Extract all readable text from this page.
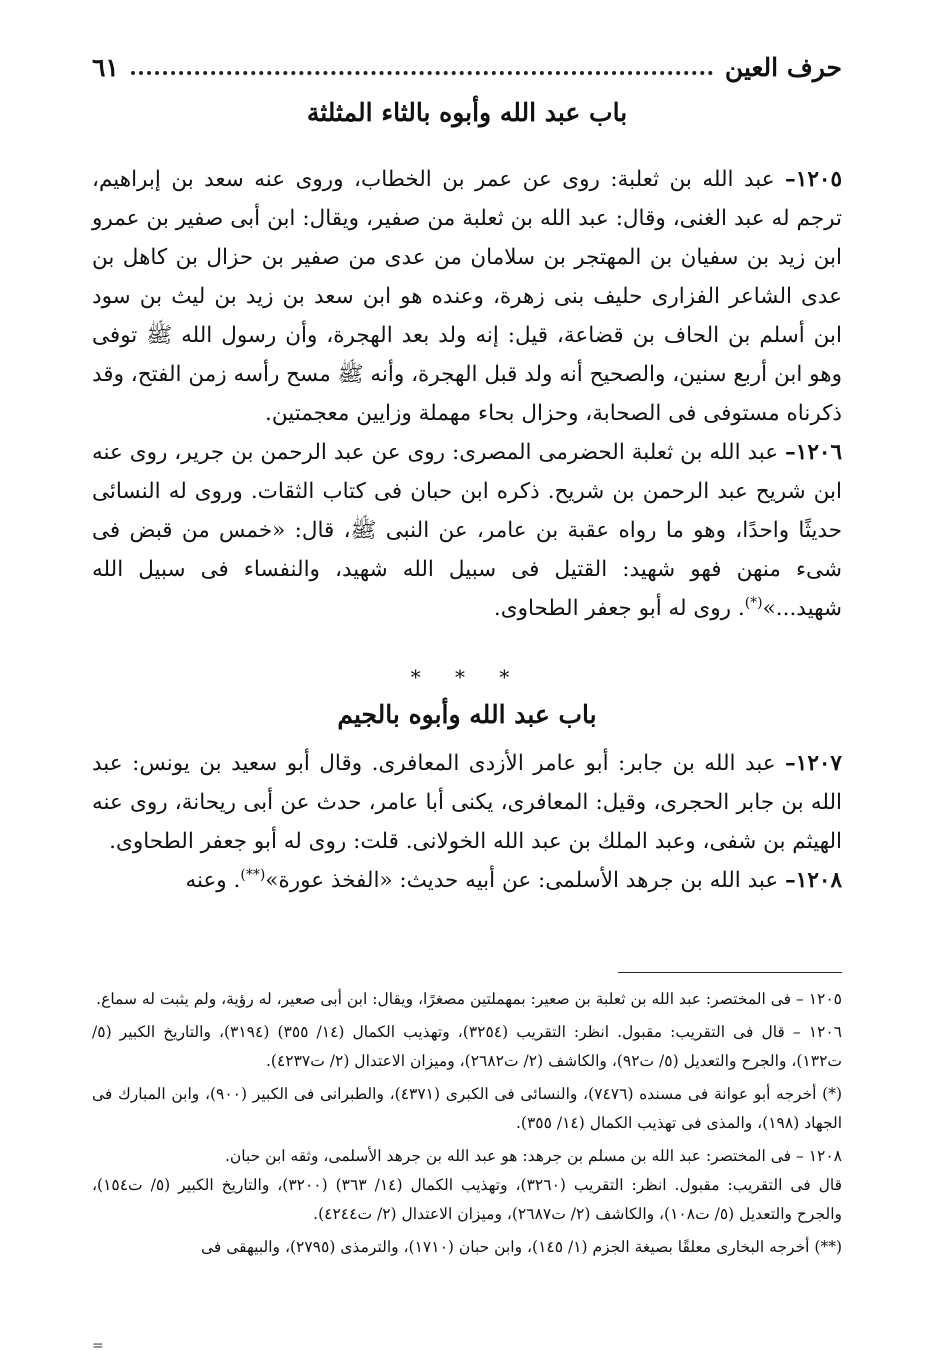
حرف العين
٦١
باب عبد الله وأبوه بالثاء المثلثة

١٢٠٥– عبد الله بن ثعلبة: روى عن عمر بن الخطاب، وروى عنه سعد بن إبراهيم، ترجم له عبد الغنى، وقال: عبد الله بن ثعلبة من صفير، ويقال: ابن أبى صفير بن عمرو ابن زيد بن سفيان بن المهتجر بن سلامان من عدى من صفير بن حزال بن كاهل بن عدى الشاعر الفزارى حليف بنى زهرة، وعنده هو ابن سعد بن زيد بن ليث بن سود ابن أسلم بن الحاف بن قضاعة، قيل: إنه ولد بعد الهجرة، وأن رسول الله ﷺ توفى وهو ابن أربع سنين، والصحيح أنه ولد قبل الهجرة، وأنه ﷺ مسح رأسه زمن الفتح، وقد ذكرناه مستوفى فى الصحابة، وحزال بحاء مهملة وزايين معجمتين.

١٢٠٦– عبد الله بن ثعلبة الحضرمى المصرى: روى عن عبد الرحمن بن جرير، روى عنه ابن شريح عبد الرحمن بن شريح. ذكره ابن حبان فى كتاب الثقات. وروى له النسائى حديثًا واحدًا، وهو ما رواه عقبة بن عامر، عن النبى ﷺ، قال: «خمس من قبض فى شىء منهن فهو شهيد: القتيل فى سبيل الله شهيد، والنفساء فى سبيل الله شهيد...»(*). روى له أبو جعفر الطحاوى.

* * *
باب عبد الله وأبوه بالجيم

١٢٠٧– عبد الله بن جابر: أبو عامر الأزدى المعافرى. وقال أبو سعيد بن يونس: عبد الله بن جابر الحجرى، وقيل: المعافرى، يكنى أبا عامر، حدث عن أبى ريحانة، روى عنه الهيثم بن شفى، وعبد الملك بن عبد الله الخولانى. قلت: روى له أبو جعفر الطحاوى.

١٢٠٨– عبد الله بن جرهد الأسلمى: عن أبيه حديث: «الفخذ عورة»(**). وعنه

١٢٠٥ – فى المختصر: عبد الله بن ثعلبة بن صعير: بمهملتين مصغرًا، ويقال: ابن أبى صعير، له رؤية، ولم يثبت له سماع.

١٢٠٦ – قال فى التقريب: مقبول. انظر: التقريب (٣٢٥٤)، وتهذيب الكمال (١٤/ ٣٥٥) (٣١٩٤)، والتاريخ الكبير (٥/ ت١٣٢)، والجرح والتعديل (٥/ ت٩٢)، والكاشف (٢/ ت٢٦٨٢)، وميزان الاعتدال (٢/ ت٤٢٣٧).

(*) أخرجه أبو عوانة فى مسنده (٧٤٧٦)، والنسائى فى الكبرى (٤٣٧١)، والطبرانى فى الكبير (٩٠٠)، وابن المبارك فى الجهاد (١٩٨)، والمذى فى تهذيب الكمال (١٤/ ٣٥٥).

١٢٠٨ – فى المختصر: عبد الله بن مسلم بن جرهد: هو عبد الله بن جرهد الأسلمى، وثقه ابن حبان.

قال فى التقريب: مقبول. انظر: التقريب (٣٢٦٠)، وتهذيب الكمال (١٤/ ٣٦٣) (٣٢٠٠)، والتاريخ الكبير (٥/ ت١٥٤)، والجرح والتعديل (٥/ ت١٠٨)، والكاشف (٢/ ت٢٦٨٧)، وميزان الاعتدال (٢/ ت٤٢٤٤).

(**) أخرجه البخارى معلقًا بصيغة الجزم (١/ ١٤٥)، وابن حبان (١٧١٠)، والترمذى (٢٧٩٥)، والبيهقى فى

=
